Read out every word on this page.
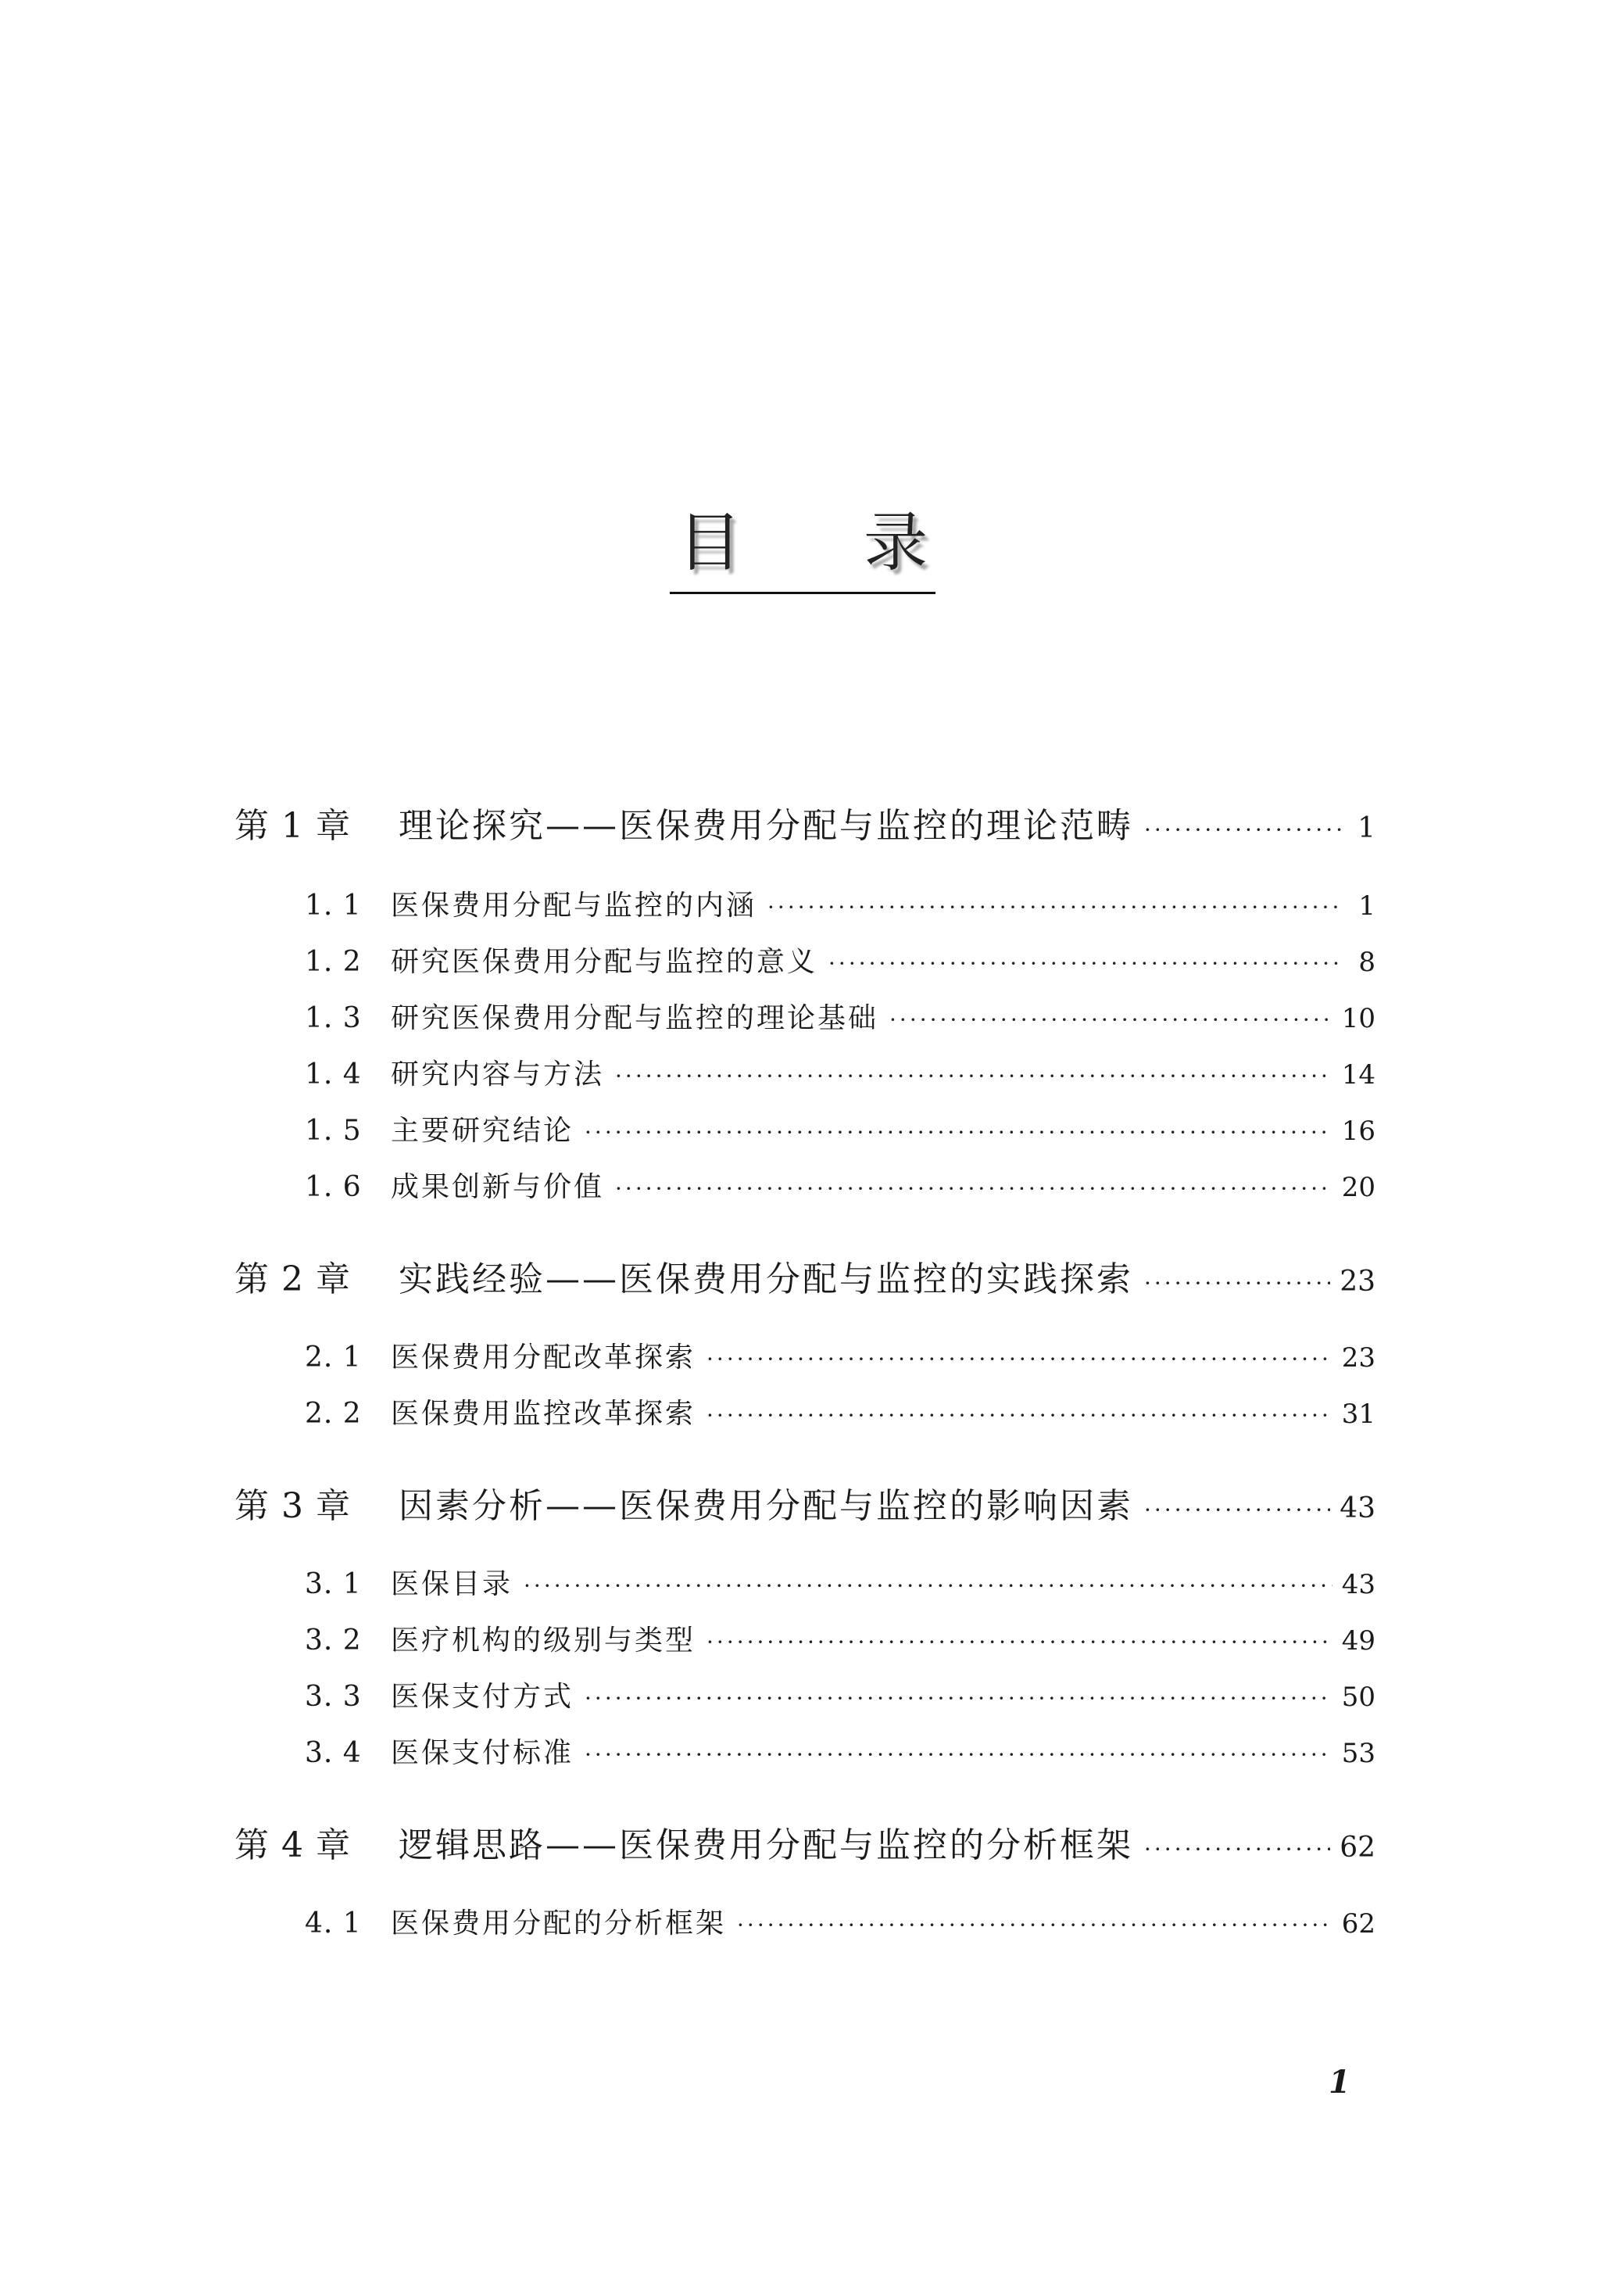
目 录
第 1 章	理论探究——医保费用分配与监控的理论范畴 ·····	1
1. 1	医保费用分配与监控的内涵 ·····	1
1. 2	研究医保费用分配与监控的意义 ·····	8
1. 3	研究医保费用分配与监控的理论基础 ·····	10
1. 4	研究内容与方法 ·····	14
1. 5	主要研究结论 ·····	16
1. 6	成果创新与价值 ·····	20
第 2 章	实践经验——医保费用分配与监控的实践探索 ·····	23
2. 1	医保费用分配改革探索 ·····	23
2. 2	医保费用监控改革探索 ·····	31
第 3 章	因素分析——医保费用分配与监控的影响因素 ·····	43
3. 1	医保目录 ·····	43
3. 2	医疗机构的级别与类型 ·····	49
3. 3	医保支付方式 ·····	50
3. 4	医保支付标准 ·····	53
第 4 章	逻辑思路——医保费用分配与监控的分析框架 ·····	62
4. 1	医保费用分配的分析框架 ·····	62
1
